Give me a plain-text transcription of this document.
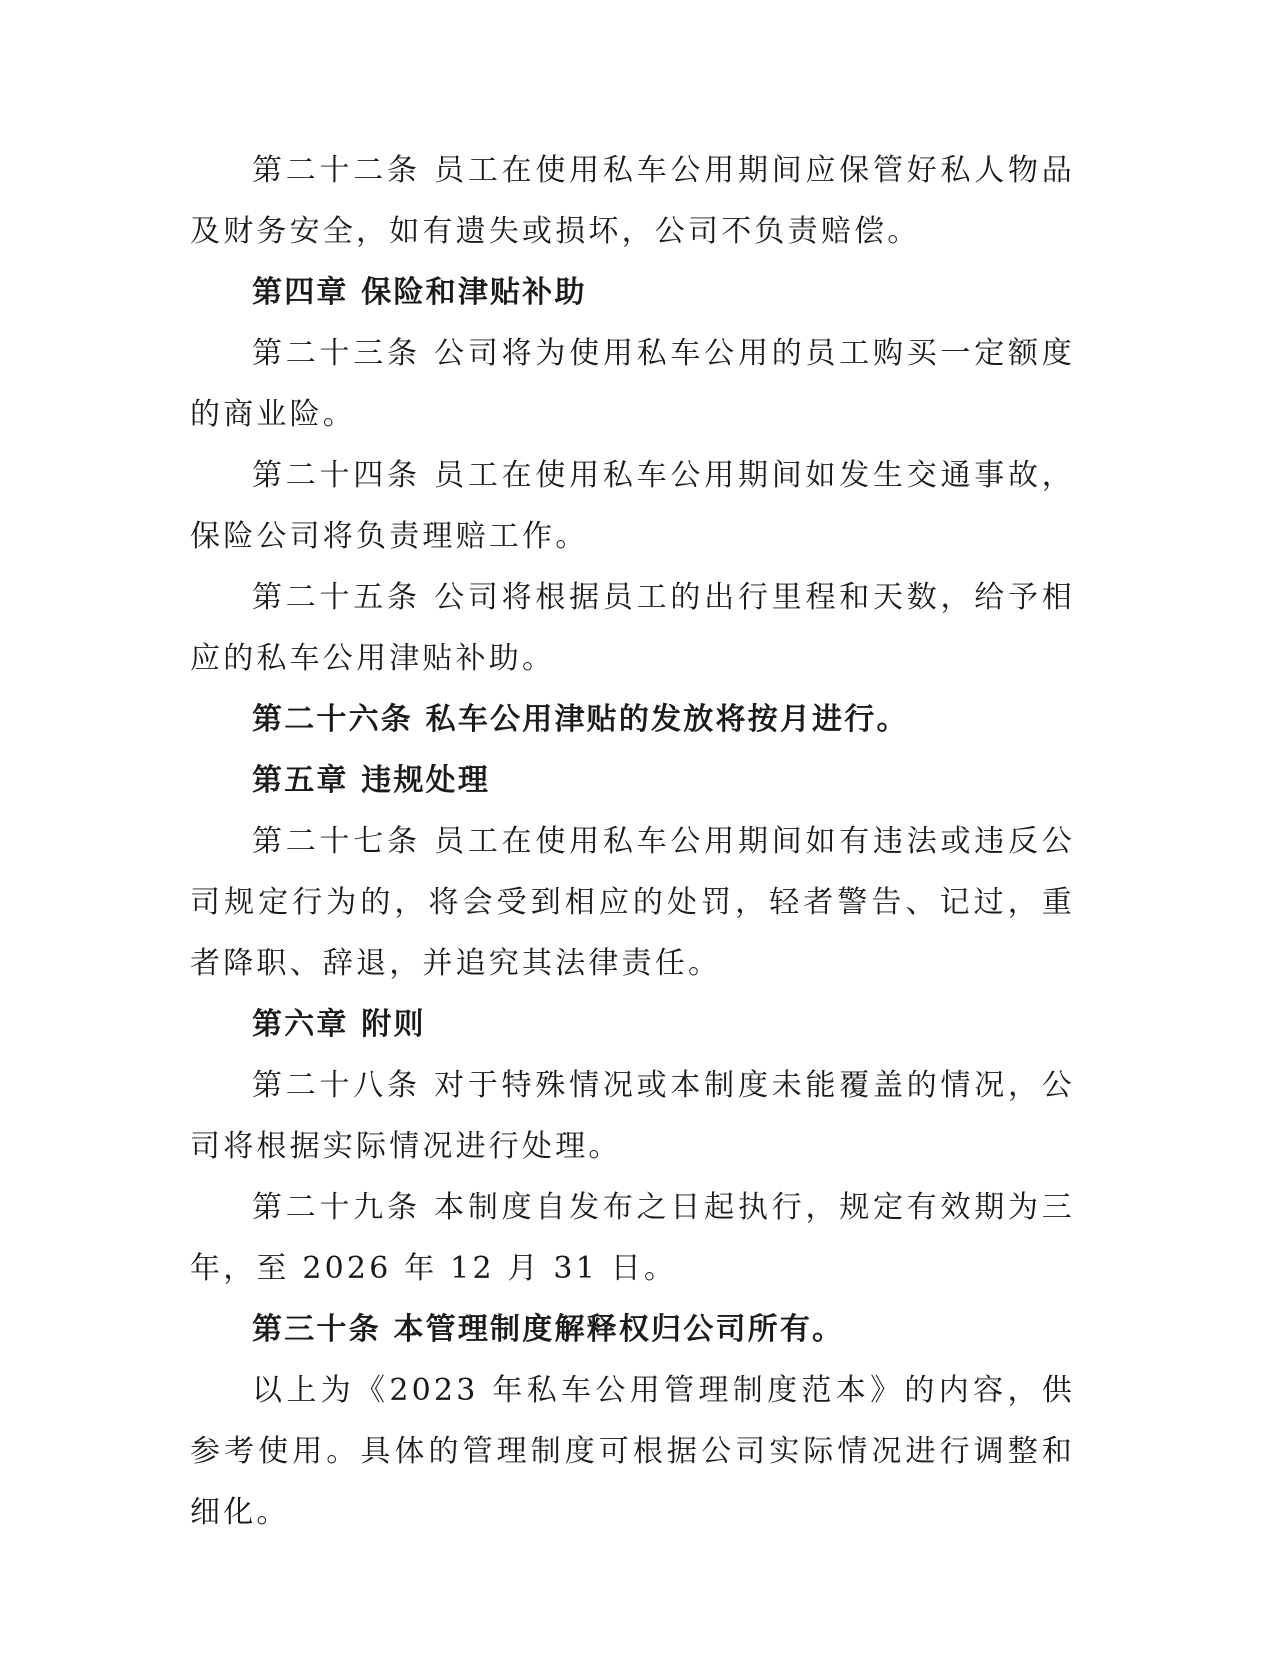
第二十二条 员工在使用私车公用期间应保管好私人物品及财务安全，如有遗失或损坏，公司不负责赔偿。

第四章 保险和津贴补助

第二十三条 公司将为使用私车公用的员工购买一定额度的商业险。

第二十四条 员工在使用私车公用期间如发生交通事故，保险公司将负责理赔工作。

第二十五条 公司将根据员工的出行里程和天数，给予相应的私车公用津贴补助。

第二十六条 私车公用津贴的发放将按月进行。

第五章 违规处理

第二十七条 员工在使用私车公用期间如有违法或违反公司规定行为的，将会受到相应的处罚，轻者警告、记过，重者降职、辞退，并追究其法律责任。

第六章 附则

第二十八条 对于特殊情况或本制度未能覆盖的情况，公司将根据实际情况进行处理。

第二十九条 本制度自发布之日起执行，规定有效期为三年，至 2026 年 12 月 31 日。

第三十条 本管理制度解释权归公司所有。

以上为《2023 年私车公用管理制度范本》的内容，供参考使用。具体的管理制度可根据公司实际情况进行调整和细化。
